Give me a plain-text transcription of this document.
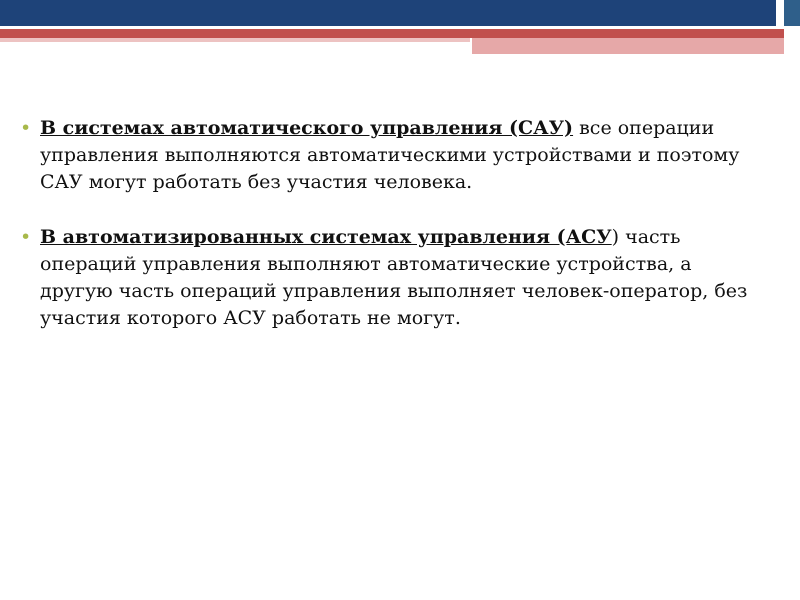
• В системах автоматического управления (САУ) все операции управления выполняются автоматическими устройствами и поэтому САУ могут работать без участия человека.
• В автоматизированных системах управления (АСУ) часть операций управления выполняют автоматические устройства, а другую часть операций управления выполняет человек-оператор, без участия которого АСУ работать не могут.
